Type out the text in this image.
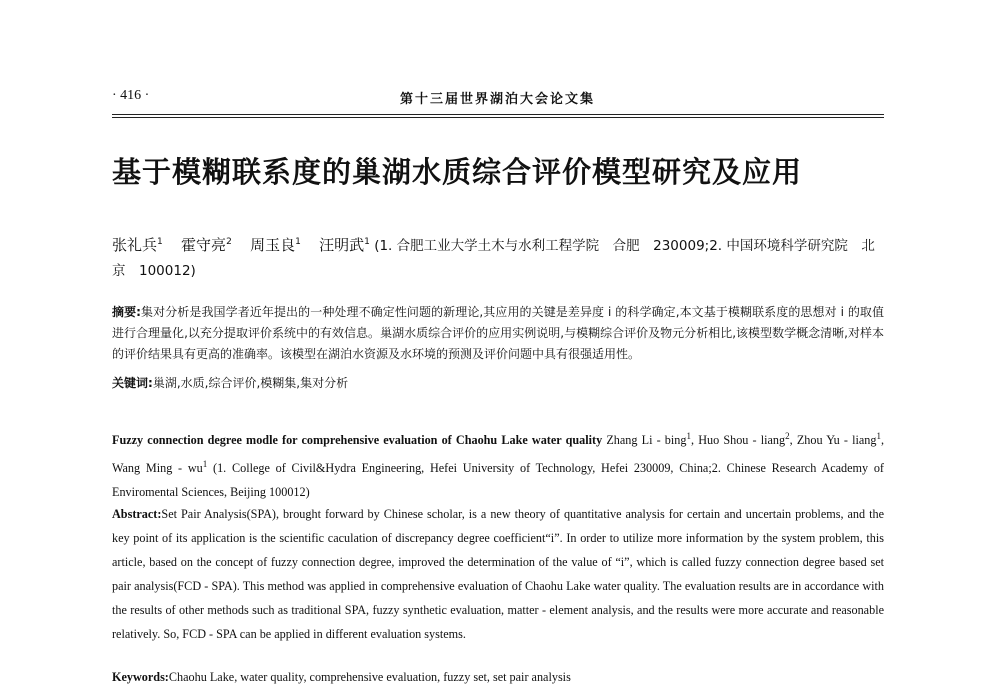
· 416 ·	第十三届世界湖泊大会论文集
基于模糊联系度的巢湖水质综合评价模型研究及应用
张礼兵$^1$ 霍守亮$^2$ 周玉良$^1$ 汪明武$^1$ (1. 合肥工业大学土木与水利工程学院　合肥　230009;2. 中国环境科学研究院　北京　100012)
摘要:集对分析是我国学者近年提出的一种处理不确定性问题的新理论,其应用的关键是差异度 i 的科学确定,本文基于模糊联系度的思想对 i 的取值进行合理量化,以充分提取评价系统中的有效信息。巢湖水质综合评价的应用实例说明,与模糊综合评价及物元分析相比,该模型数学概念清晰,对样本的评价结果具有更高的准确率。该模型在湖泊水资源及水环境的预测及评价问题中具有很强适用性。
关键词:巢湖,水质,综合评价,模糊集,集对分析
Fuzzy connection degree modle for comprehensive evaluation of Chaohu Lake water quality Zhang Li - bing$^1$, Huo Shou - liang$^2$, Zhou Yu - liang$^1$, Wang Ming - $wu^1$ (1. College of Civil&Hydra Engineering, Hefei University of Technology, Hefei 230009, China;2. Chinese Research Academy of Enviromental Sciences, Beijing 100012)
Abstract:Set Pair Analysis(SPA), brought forward by Chinese scholar, is a new theory of quantitative analysis for certain and uncertain problems, and the key point of its application is the scientific caculation of discrepancy degree coefficient“i”. In order to utilize more information by the system problem, this article, based on the concept of fuzzy connection degree, improved the determination of the value of “i”, which is called fuzzy connection degree based set pair analysis(FCD - SPA). This method was applied in comprehensive evaluation of Chaohu Lake water quality. The evaluation results are in accordance with the results of other methods such as traditional SPA, fuzzy synthetic evaluation, matter - element analysis, and the results were more accurate and reasonable relatively. So, FCD - SPA can be applied in different evaluation systems.
Keywords:Chaohu Lake, water quality, comprehensive evaluation, fuzzy set, set pair analysis
